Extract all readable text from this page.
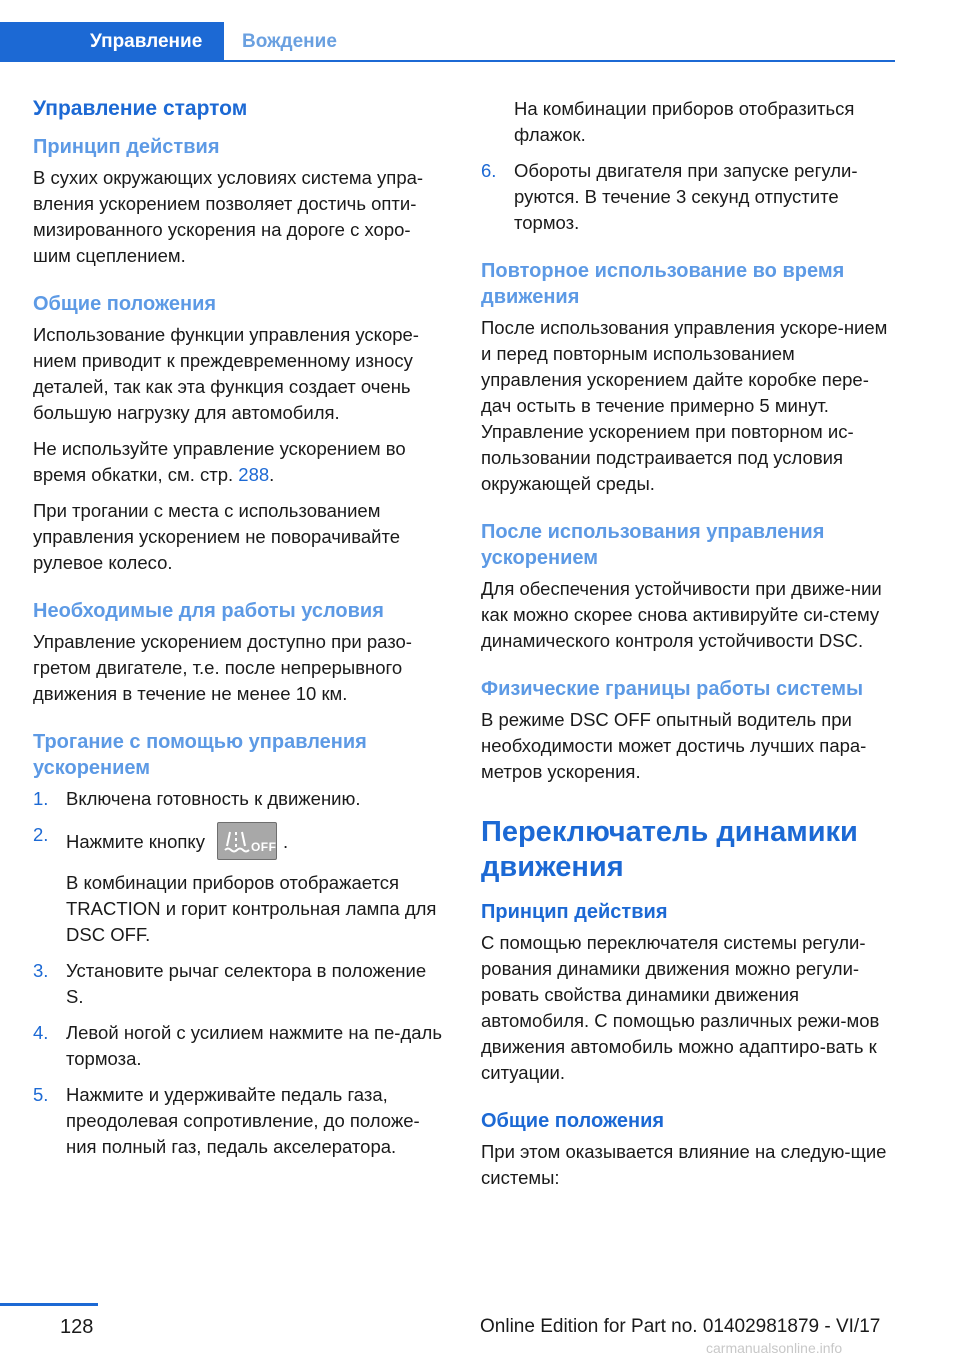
Управление	Вождение
Управление стартом
Принцип действия

В сухих окружающих условиях система упра-вления ускорением позволяет достичь опти-мизированного ускорения на дороге с хоро-шим сцеплением.

Общие положения

Использование функции управления ускоре-нием приводит к преждевременному износу деталей, так как эта функция создает очень большую нагрузку для автомобиля.

Не используйте управление ускорением во время обкатки, см. стр. 288.

При трогании с места с использованием управления ускорением не поворачивайте рулевое колесо.

Необходимые для работы условия

Управление ускорением доступно при разо-гретом двигателе, т.е. после непрерывного движения в течение не менее 10 км.

Трогание с помощью управления ускорением
1. Включена готовность к движению.
2. Нажмите кнопку	OFF .
В комбинации приборов отображается TRACTION и горит контрольная лампа для DSC OFF.
3. Установите рычаг селектора в положение S.
4. Левой ногой с усилием нажмите на пе-даль тормоза.
5. Нажмите и удерживайте педаль газа, преодолевая сопротивление, до положе-ния полный газ, педаль акселератора.
На комбинации приборов отобразиться флажок.
6. Обороты двигателя при запуске регули-руются. В течение 3 секунд отпустите тормоз.
Повторное использование во время движения

После использования управления ускоре-нием и перед повторным использованием управления ускорением дайте коробке пере-дач остыть в течение примерно 5 минут. Управление ускорением при повторном ис-пользовании подстраивается под условия окружающей среды.

После использования управления ускорением

Для обеспечения устойчивости при движе-нии как можно скорее снова активируйте си-стему динамического контроля устойчивости DSC.

Физические границы работы системы

В режиме DSC OFF опытный водитель при необходимости может достичь лучших пара-метров ускорения.

Переключатель динамики движения
Принцип действия

С помощью переключателя системы регули-рования динамики движения можно регули-ровать свойства динамики движения автомобиля. С помощью различных режи-мов движения автомобиль можно адаптиро-вать к ситуации.

Общие положения

При этом оказывается влияние на следую-щие системы:

128	Online Edition for Part no. 01402981879 - VI/17
carmanualsonline.info
